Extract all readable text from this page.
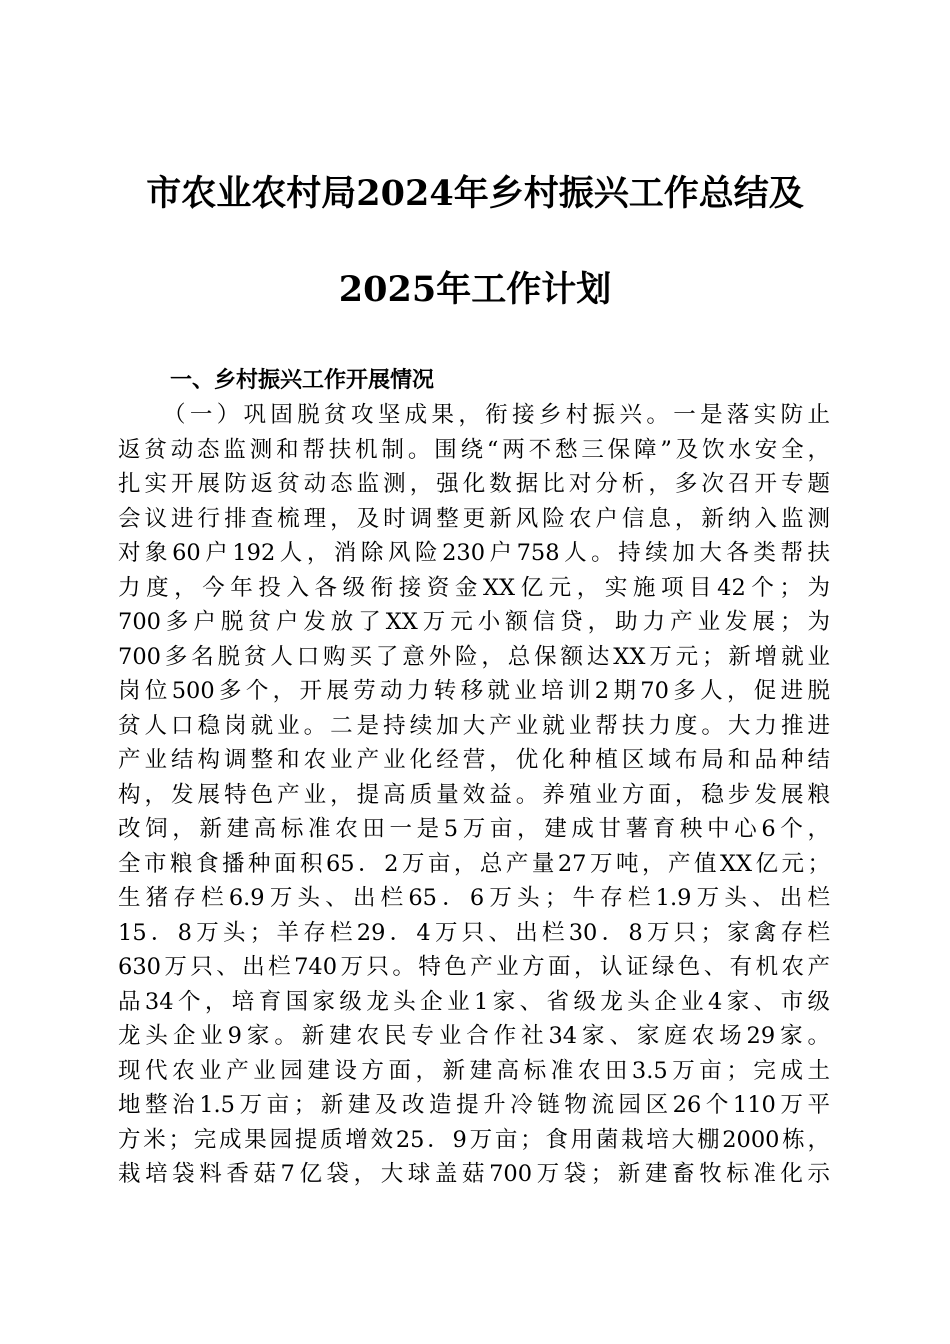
市农业农村局2024年乡村振兴工作总结及
2025年工作计划
一、乡村振兴工作开展情况
（一）巩固脱贫攻坚成果，衔接乡村振兴。一是落实防止
返贫动态监测和帮扶机制。围绕“两不愁三保障”及饮水安全，
扎实开展防返贫动态监测，强化数据比对分析，多次召开专题
会议进行排查梳理，及时调整更新风险农户信息，新纳入监测
对象60户192人，消除风险230户758人。持续加大各类帮扶
力度，今年投入各级衔接资金XX亿元，实施项目42个；为
700多户脱贫户发放了XX万元小额信贷，助力产业发展；为
700多名脱贫人口购买了意外险，总保额达XX万元；新增就业
岗位500多个，开展劳动力转移就业培训2期70多人，促进脱
贫人口稳岗就业。二是持续加大产业就业帮扶力度。大力推进
产业结构调整和农业产业化经营，优化种植区域布局和品种结
构，发展特色产业，提高质量效益。养殖业方面，稳步发展粮
改饲，新建高标准农田一是5万亩，建成甘薯育秧中心6个，
全市粮食播种面积65．2万亩，总产量27万吨，产值XX亿元；
生猪存栏6.9万头、出栏65．6万头；牛存栏1.9万头、出栏
15．8万头；羊存栏29．4万只、出栏30．8万只；家禽存栏
630万只、出栏740万只。特色产业方面，认证绿色、有机农产
品34个，培育国家级龙头企业1家、省级龙头企业4家、市级
龙头企业9家。新建农民专业合作社34家、家庭农场29家。
现代农业产业园建设方面，新建高标准农田3.5万亩；完成土
地整治1.5万亩；新建及改造提升冷链物流园区26个110万平
方米；完成果园提质增效25．9万亩；食用菌栽培大棚2000栋，
栽培袋料香菇7亿袋，大球盖菇700万袋；新建畜牧标准化示
